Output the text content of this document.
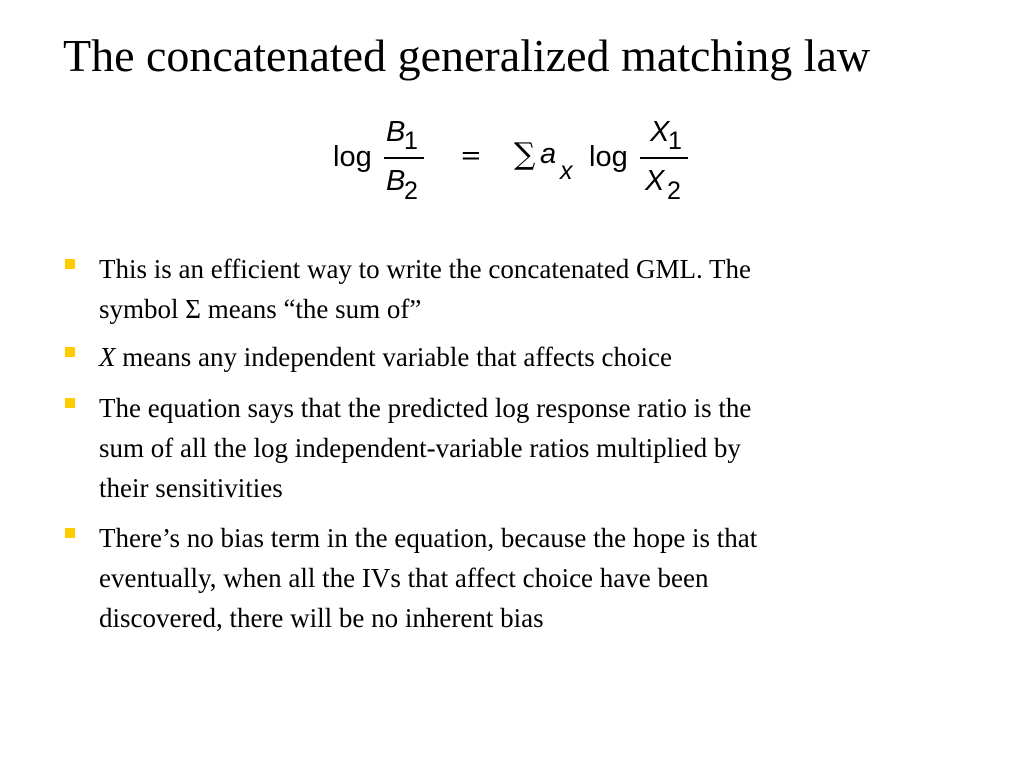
The concatenated generalized matching law
log
B
1
B
2
= ∑ a
x log
X
1
X 2
This is an efficient way to write the concatenated GML. The
symbol Σ means “the sum of”
X means any independent variable that affects choice
The equation says that the predicted log response ratio is the
sum of all the log independent-variable ratios multiplied by
their sensitivities
There’s no bias term in the equation, because the hope is that
eventually, when all the IVs that affect choice have been
discovered, there will be no inherent bias
